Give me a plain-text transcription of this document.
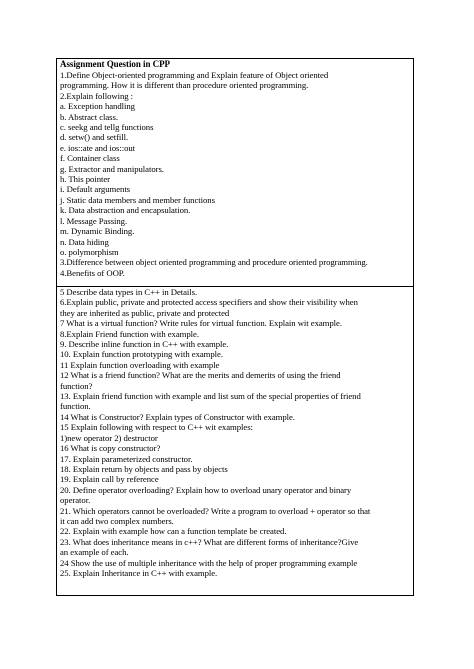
Assignment Question in CPP
1.Define Object-oriented programming and Explain feature of Object oriented
programming. How it is different than procedure oriented programming.
2.Explain following :
a. Exception handling
b. Abstract class.
c. seekg and tellg functions
d. setw() and setfill.
e. ios::ate and ios::out
f. Container class
g. Extractor and manipulators.
h. This pointer
i. Default arguments
j. Static data members and member functions
k. Data abstraction and encapsulation.
l. Message Passing.
m. Dynamic Binding.
n. Data hiding
o. polymorphism
3.Difference between object oriented programming and procedure oriented programming.
4.Benefits of OOP.
5 Describe data types in C++ in Details.
6.Explain public, private and protected access specifiers and show their visibility when
they are inherited as public, private and protected
7 What is a virtual function? Write rules for virtual function. Explain wit example.
8.Explain Friend function with example.
9. Describe inline function in C++ with example.
10. Explain function prototyping with example.
11 Explain function overloading with example
12 What is a friend function? What are the merits and demerits of using the friend
function?
13. Explain friend function with example and list sum of the special properties of friend
function.
14 What is Constructor? Explain types of Constructor with example.
15 Explain following with respect to C++ wit examples:
1)new operator 2) destructor
16 What is copy constructor?
17. Explain parameterized constructor.
18. Explain return by objects and pass by objects
19. Explain call by reference
20. Define operator overloading? Explain how to overload unary operator and binary
operator.
21. Which operators cannot be overloaded? Write a program to overload + operator so that
it can add two complex numbers.
22. Explain with example how can a function template be created.
23. What does inheritance means in c++? What are different forms of inheritance?Give
an example of each.
24 Show the use of multiple inheritance with the help of proper programming example
25. Explain Inheritance in C++ with example.
